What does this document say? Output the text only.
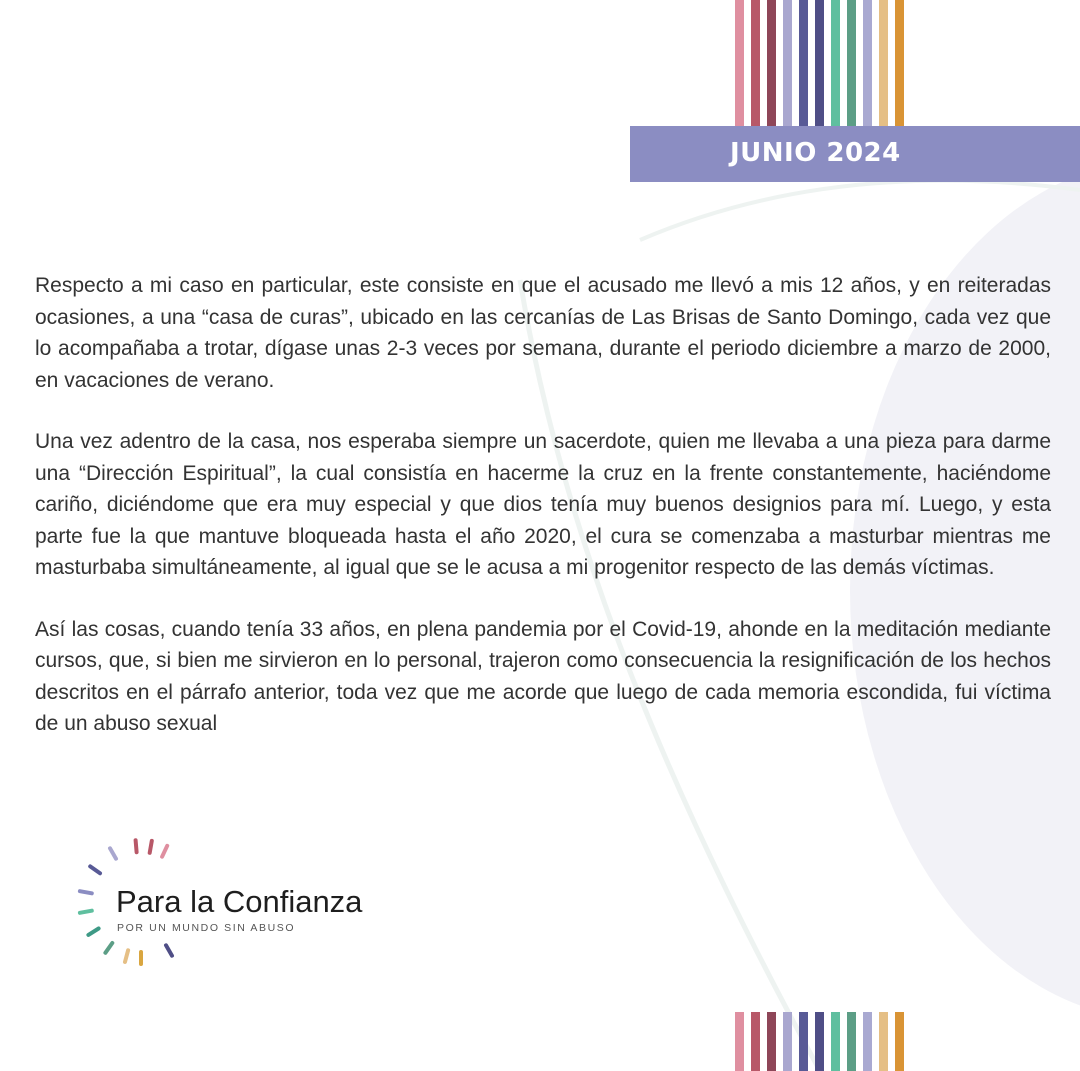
JUNIO 2024

Respecto a mi caso en particular, este consiste en que el acusado me llevó a mis 12 años, y en reiteradas ocasiones, a una “casa de curas”, ubicado en las cercanías de Las Brisas de Santo Domingo, cada vez que lo acompañaba a trotar, dígase unas 2-3 veces por semana, durante el periodo diciembre a marzo de 2000, en vacaciones de verano.

Una vez adentro de la casa, nos esperaba siempre un sacerdote, quien me llevaba a una pieza para darme una “Dirección Espiritual”, la cual consistía en hacerme la cruz en la frente constantemente, haciéndome cariño, diciéndome que era muy especial y que dios tenía muy buenos designios para mí. Luego, y esta parte fue la que mantuve bloqueada hasta el año 2020, el cura se comenzaba a masturbar mientras me masturbaba simultáneamente, al igual que se le acusa a mi progenitor respecto de las demás víctimas.

Así las cosas, cuando tenía 33 años, en plena pandemia por el Covid-19, ahonde en la meditación mediante cursos, que, si bien me sirvieron en lo personal, trajeron como consecuencia la resignificación de los hechos descritos en el párrafo anterior, toda vez que me acorde que luego de cada memoria escondida, fui víctima de un abuso sexual

Para la Confianza
POR UN MUNDO SIN ABUSO
